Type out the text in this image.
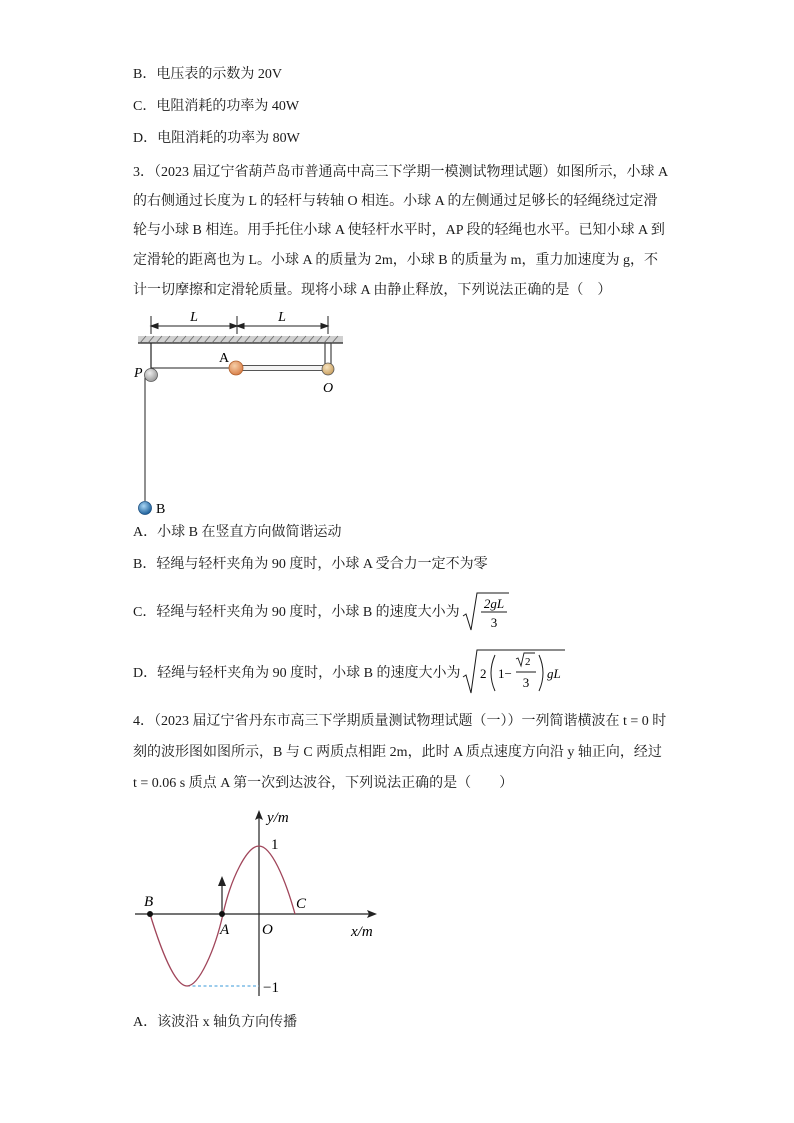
B．电压表的示数为 20V
C．电阻消耗的功率为 40W
D．电阻消耗的功率为 80W
3．（2023 届辽宁省葫芦岛市普通高中高三下学期一模测试物理试题）如图所示，小球 A
的右侧通过长度为 L 的轻杆与转轴 O 相连。小球 A 的左侧通过足够长的轻绳绕过定滑
轮与小球 B 相连。用手托住小球 A 使轻杆水平时，AP 段的轻绳也水平。已知小球 A 到
定滑轮的距离也为 L。小球 A 的质量为 2m，小球 B 的质量为 m，重力加速度为 g，不
计一切摩擦和定滑轮质量。现将小球 A 由静止释放，下列说法正确的是（　）
L	L
A
P
O
B
A．小球 B 在竖直方向做简谐运动
B．轻绳与轻杆夹角为 90 度时，小球 A 受合力一定不为零
C．轻绳与轻杆夹角为 90 度时，小球 B 的速度大小为
2gL
3
D．轻绳与轻杆夹角为 90 度时，小球 B 的速度大小为 2 1−
2
3
gL
4．（2023 届辽宁省丹东市高三下学期质量测试物理试题（一））一列简谐横波在 t = 0 时
刻的波形图如图所示，B 与 C 两质点相距 2m，此时 A 质点速度方向沿 y 轴正向，经过
t = 0.06 s 质点 A 第一次到达波谷，下列说法正确的是（　　）
y/m
x/m
1
−1
B
A O
C
A．该波沿 x 轴负方向传播
